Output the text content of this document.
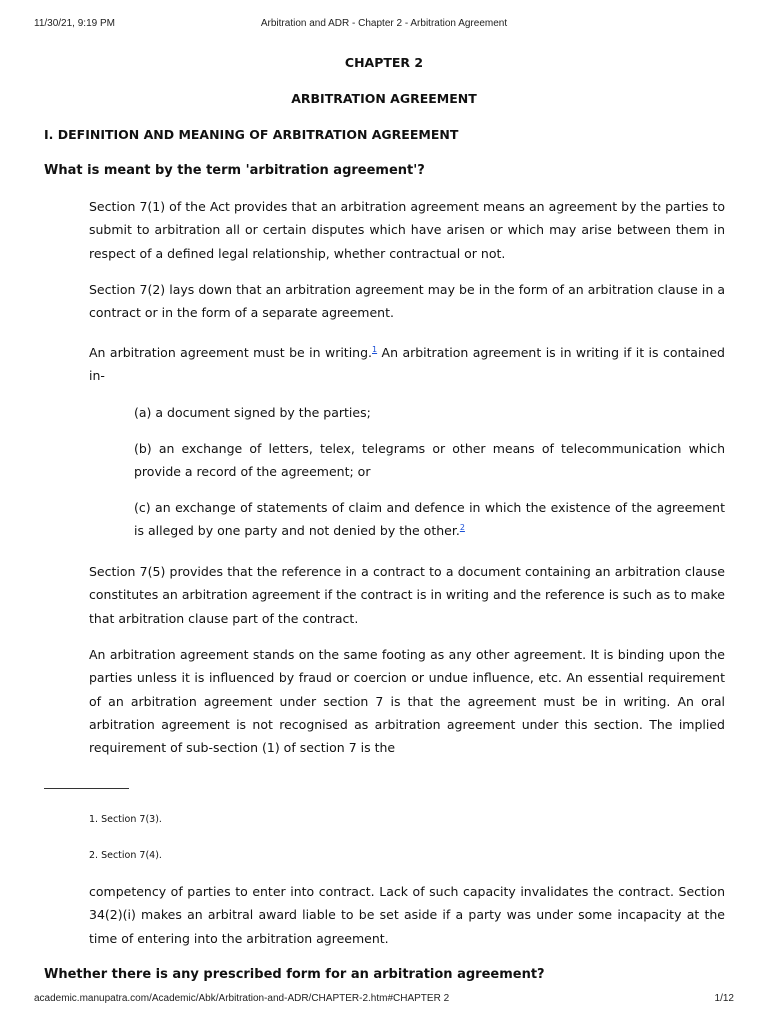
11/30/21, 9:19 PM	Arbitration and ADR - Chapter 2 - Arbitration Agreement
CHAPTER 2
ARBITRATION AGREEMENT
I. DEFINITION AND MEANING OF ARBITRATION AGREEMENT
What is meant by the term 'arbitration agreement'?

Section 7(1) of the Act provides that an arbitration agreement means an agreement by the parties to submit to arbitration all or certain disputes which have arisen or which may arise between them in respect of a defined legal relationship, whether contractual or not.

Section 7(2) lays down that an arbitration agreement may be in the form of an arbitration clause in a contract or in the form of a separate agreement.

An arbitration agreement must be in writing.$^1$ An arbitration agreement is in writing if it is contained in-

(a) a document signed by the parties;

(b) an exchange of letters, telex, telegrams or other means of telecommunication which provide a record of the agreement; or

(c) an exchange of statements of claim and defence in which the existence of the agreement is alleged by one party and not denied by the other.$^2$

Section 7(5) provides that the reference in a contract to a document containing an arbitration clause constitutes an arbitration agreement if the contract is in writing and the reference is such as to make that arbitration clause part of the contract.

An arbitration agreement stands on the same footing as any other agreement. It is binding upon the parties unless it is influenced by fraud or coercion or undue influence, etc. An essential requirement of an arbitration agreement under section 7 is that the agreement must be in writing. An oral arbitration agreement is not recognised as arbitration agreement under this section. The implied requirement of sub-section (1) of section 7 is the

1. Section 7(3).
2. Section 7(4).

competency of parties to enter into contract. Lack of such capacity invalidates the contract. Section 34(2)(i) makes an arbitral award liable to be set aside if a party was under some incapacity at the time of entering into the arbitration agreement.

Whether there is any prescribed form for an arbitration agreement?
academic.manupatra.com/Academic/Abk/Arbitration-and-ADR/CHAPTER-2.htm#CHAPTER 2	1/12
